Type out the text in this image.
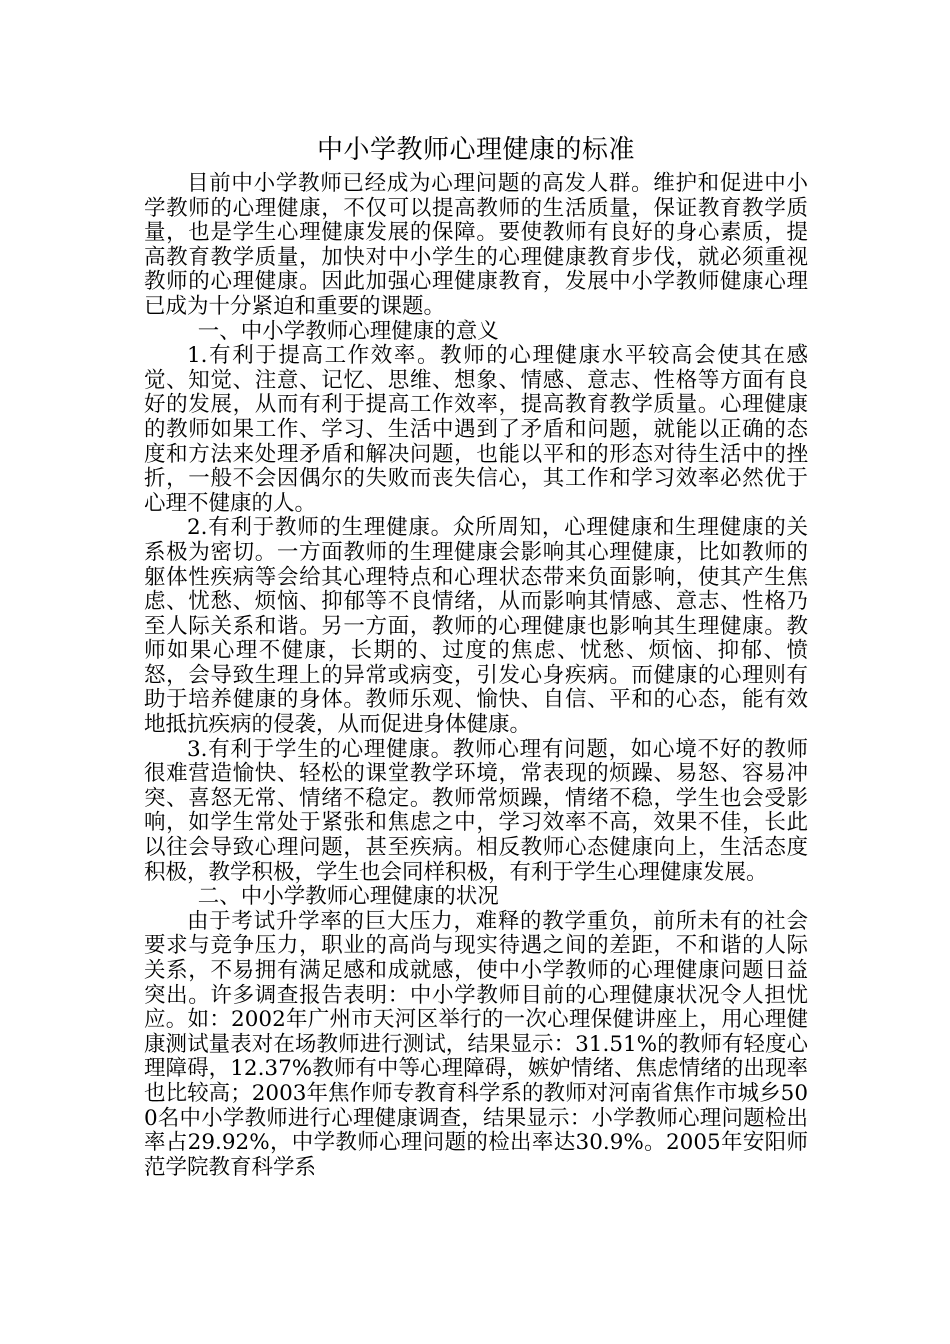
中小学教师心理健康的标准

目前中小学教师已经成为心理问题的高发人群。维护和促进中小学教师的心理健康，不仅可以提高教师的生活质量，保证教育教学质量，也是学生心理健康发展的保障。要使教师有良好的身心素质，提高教育教学质量，加快对中小学生的心理健康教育步伐，就必须重视教师的心理健康。因此加强心理健康教育，发展中小学教师健康心理已成为十分紧迫和重要的课题。

一、中小学教师心理健康的意义

1.有利于提高工作效率。教师的心理健康水平较高会使其在感觉、知觉、注意、记忆、思维、想象、情感、意志、性格等方面有良好的发展，从而有利于提高工作效率，提高教育教学质量。心理健康的教师如果工作、学习、生活中遇到了矛盾和问题，就能以正确的态度和方法来处理矛盾和解决问题，也能以平和的形态对待生活中的挫折，一般不会因偶尔的失败而丧失信心，其工作和学习效率必然优于心理不健康的人。

2.有利于教师的生理健康。众所周知，心理健康和生理健康的关系极为密切。一方面教师的生理健康会影响其心理健康，比如教师的躯体性疾病等会给其心理特点和心理状态带来负面影响，使其产生焦虑、忧愁、烦恼、抑郁等不良情绪，从而影响其情感、意志、性格乃至人际关系和谐。另一方面，教师的心理健康也影响其生理健康。教师如果心理不健康，长期的、过度的焦虑、忧愁、烦恼、抑郁、愤怒，会导致生理上的异常或病变，引发心身疾病。而健康的心理则有助于培养健康的身体。教师乐观、愉快、自信、平和的心态，能有效地抵抗疾病的侵袭，从而促进身体健康。

3.有利于学生的心理健康。教师心理有问题，如心境不好的教师很难营造愉快、轻松的课堂教学环境，常表现的烦躁、易怒、容易冲突、喜怒无常、情绪不稳定。教师常烦躁，情绪不稳，学生也会受影响，如学生常处于紧张和焦虑之中，学习效率不高，效果不佳，长此以往会导致心理问题，甚至疾病。相反教师心态健康向上，生活态度积极，教学积极，学生也会同样积极，有利于学生心理健康发展。

二、中小学教师心理健康的状况

由于考试升学率的巨大压力，难释的教学重负，前所未有的社会要求与竞争压力，职业的高尚与现实待遇之间的差距，不和谐的人际关系，不易拥有满足感和成就感，使中小学教师的心理健康问题日益突出。许多调查报告表明：中小学教师目前的心理健康状况令人担忧应。如：2002年广州市天河区举行的一次心理保健讲座上，用心理健康测试量表对在场教师进行测试，结果显示：31.51%的教师有轻度心理障碍，12.37%教师有中等心理障碍，嫉妒情绪、焦虑情绪的出现率也比较高；2003年焦作师专教育科学系的教师对河南省焦作市城乡500名中小学教师进行心理健康调查，结果显示：小学教师心理问题检出率占29.92%，中学教师心理问题的检出率达30.9%。2005年安阳师范学院教育科学系
